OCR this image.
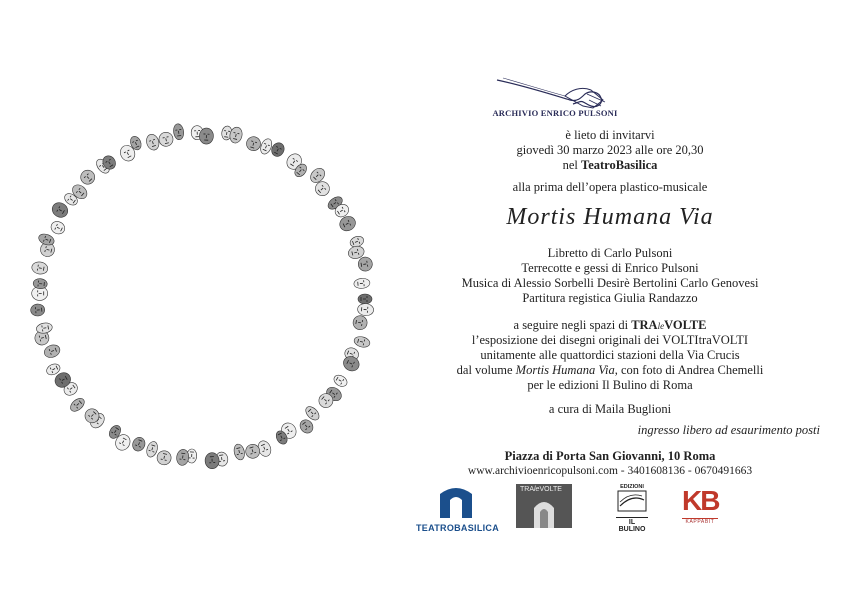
ARCHIVIO ENRICO PULSONI
è lieto di invitarvi
giovedì 30 marzo 2023 alle ore 20,30
nel TeatroBasilica
alla prima dell’opera plastico-musicale
Mortis Humana Via
Libretto di Carlo Pulsoni
Terrecotte e gessi di Enrico Pulsoni
Musica di Alessio Sorbelli Desirè Bertolini Carlo Genovesi
Partitura registica Giulia Randazzo
a seguire negli spazi di TRAleVOLTE
l’esposizione dei disegni originali dei VOLTItraVOLTI
unitamente alle quattordici stazioni della Via Crucis
dal volume Mortis Humana Via, con foto di Andrea Chemelli
per le edizioni Il Bulino di Roma
a cura di Maila Buglioni
ingresso libero ad esaurimento posti
Piazza di Porta San Giovanni, 10 Roma
www.archivioenricopulsoni.com - 3401608136 - 0670491663
TEATROBASILICA
TRAleVOLTE	EDIZIONI
IL BULINO
KB
KAPPABIT
